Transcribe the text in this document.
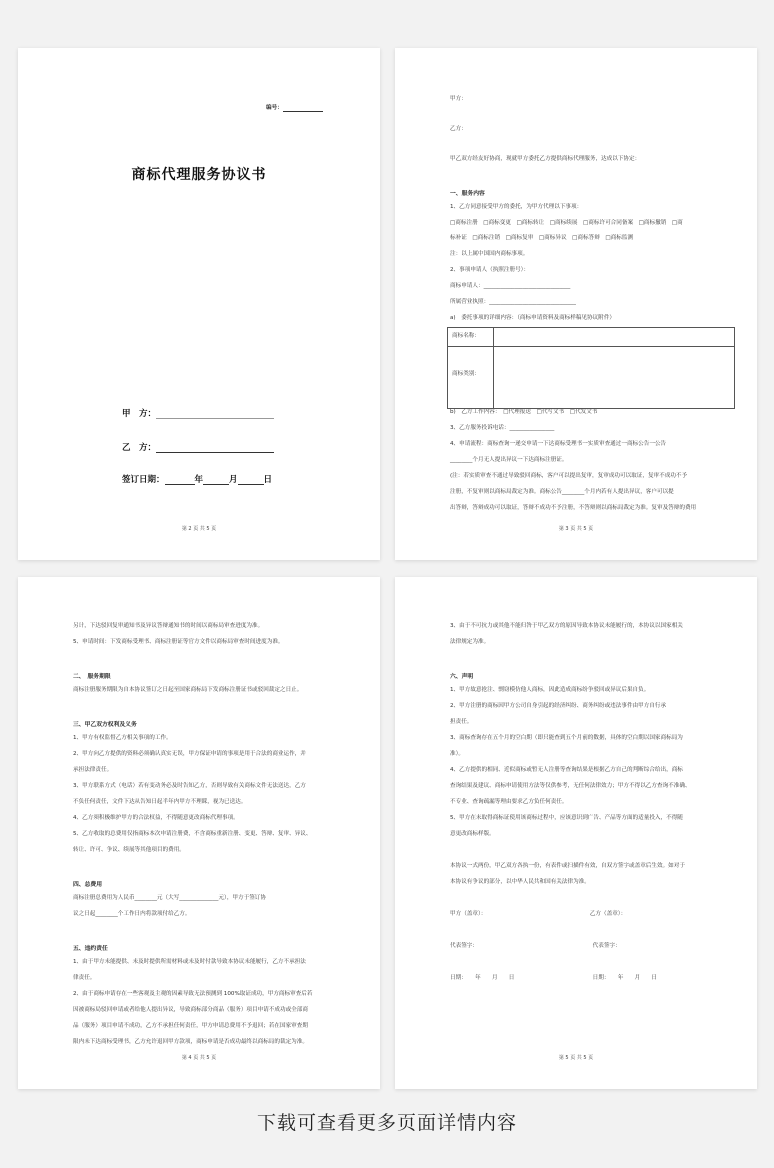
编号：
商标代理服务协议书
甲　方：
乙　方：
签订日期：	年	月	日
第 2 页 共 5 页
甲方：
乙方：
甲乙双方经友好协商，现就甲方委托乙方提供商标代理服务，达成以下协定：
一、服务内容
1、乙方同意接受甲方的委托，为甲方代理以下事项：
□商标注册　□商标变更　□商标转让　□商标续展　□商标许可合同备案　□商标撤销　□商
标补证　□商标注销　□商标复审　□商标异议　□商标答辩　□商标监测
注：以上属中国国内商标事项。
2、事项申请人（执照注册号）：
商标申请人：_______________________________
所属营业执照：_______________________________
a)　委托事项的详细内容：（商标申请资料及商标样稿见协议附件）
b)　乙方工作内容：　□代理报送　□代写文书　□代发文书
3、乙方服务投诉电话：________________
4、申请流程：商标查询一递交申请一下达商标受理书一实质审查通过一商标公告一公告
________个月无人提出异议一下达商标注册证。
(注：若实质审查不通过导致驳回商标，客户可以提出复审，复审成功可以取证，复审不成功不予
注册，不复审则以商标局裁定为准。商标公告________个月内若有人提出异议，客户可以提
出答辩，答辩成功可以取证，答辩不成功不予注册，不答辩则以商标局裁定为准。复审及答辩的费用
商标名称：
商标类别：
第 3 页 共 5 页
另计，下达驳回复审通知书及异议答辩通知书的时间以商标局审查进度为准。
5、申请时间：下发商标受理书、商标注册证等官方文件以商标局审查时间进度为准。
二、　服务期限
商标注册服务期限为自本协议签订之日起至国家商标局下发商标注册证书或驳回裁定之日止。
三、甲乙双方权利及义务
1、甲方有权监督乙方相关事项的工作。
2、甲方向乙方提供的资料必须确认真实无误，甲方保证申请的事项是用于合法的商业运作，并
承担法律责任。
3、甲方联系方式（电话）若有变动务必及时告知乙方，否则导致有关商标文件无法送达，乙方
不负任何责任，文件下达从告知日起半年内甲方不理睬，视为已送达。
4、乙方须积极维护甲方的合法权益，不得随意更改商标代理事项。
5、乙方收取的总费用仅指商标本次申请注册费，不含商标重新注册、变更、答辩、复审、异议、
转让、许可、争议、续展等其他项目的费用。
四、总费用
商标注册总费用为人民币________元（大写______________元），甲方于签订协
议之日起________个工作日内将款项付给乙方。
五、违约责任
1、由于甲方未能提供、未及时提供所需材料或未及时付款导致本协议未能履行，乙方不承担法
律责任。
2、由于商标申请存在一些客观及主观的因素导致无法预测到 100%取证成功，甲方商标审查后若
因被商标局驳回申请或者给他人提出异议，导致商标部分商品（服务）项目申请不成功或全部商
品（服务）项目申请不成功，乙方不承担任何责任，甲方申请总费用不予退回；若在国家审查期
限内未下达商标受理书，乙方允许退回甲方款项，商标申请是否成功最终以商标局的裁定为准。
第 4 页 共 5 页
3、由于不可抗力或其他不能归咎于甲乙双方的原因导致本协议未能履行的，本协议以国家相关
法律规定为准。
六、声明
1、甲方故意抢注、剽窃模仿他人商标，因此造成商标纷争驳回或异议后果自负。
2、甲方注册的商标因甲方公司自身引起的经济纠纷、商务纠纷或违法事件由甲方自行承
担责任。
3、商标查询存在五个月的空白期（即只能查到五个月前的数据，具体的空白期以国家商标局为
准）。
4、乙方提供的相同、近似商标或暂无人注册等查询结果是根据乙方自己的判断综合给出，商标
查询结果及建议、商标申请使用方法等仅供参考，无任何法律效力；甲方不得以乙方查询不准确、
不专业、查询疏漏等理由要求乙方负任何责任。
5、甲方在未取得商标证使用该商标过程中，应该意识到广告、产品等方面的适量投入，不得随
意更改商标样版。
本协议一式两份，甲乙双方各执一份，有表件或扫描件有效，自双方签字或盖章后生效。如对于
本协议有争议的部分，以中华人民共和国有关法律为准。
甲方（盖章）：　　　　　　　　　　　　　　　　　　　乙方（盖章）：
代表签字：　　　　　　　　　　　　　　　　　　　　　代表签字：
日期：　　年　　月　　日　　　　　　　　　　　　　　日期：　　年　　月　　日
第 5 页 共 5 页
下载可查看更多页面详情内容
